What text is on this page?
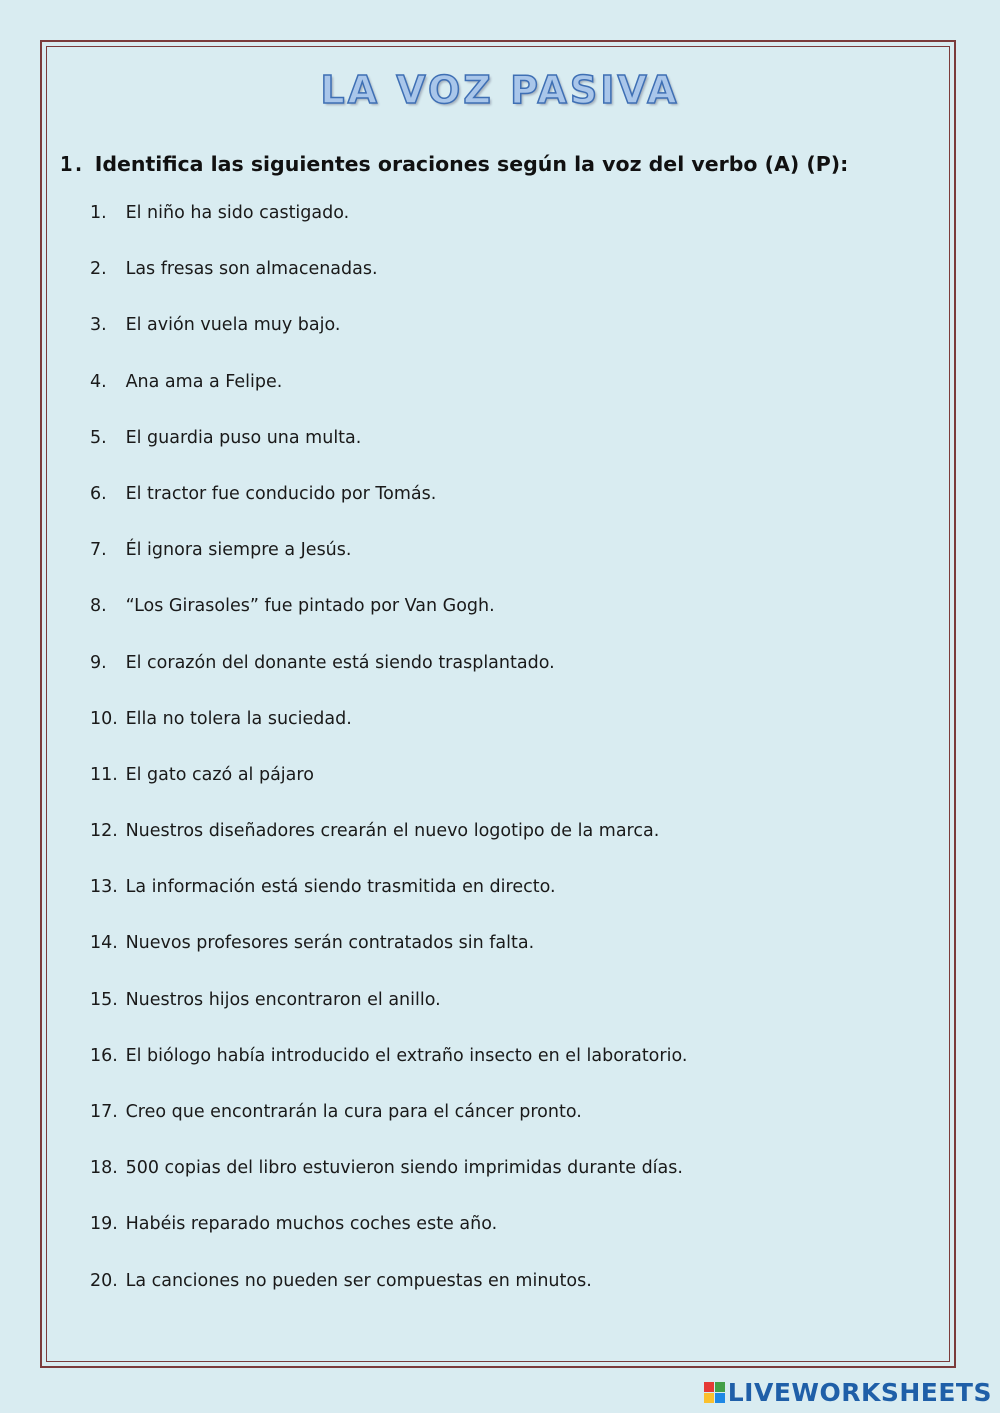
LA VOZ PASIVA
1. Identifica las siguientes oraciones según la voz del verbo (A) (P):
1. El niño ha sido castigado.
2. Las fresas son almacenadas.
3. El avión vuela muy bajo.
4. Ana ama a Felipe.
5. El guardia puso una multa.
6. El tractor fue conducido por Tomás.
7. Él ignora siempre a Jesús.
8. “Los Girasoles” fue pintado por Van Gogh.
9. El corazón del donante está siendo trasplantado.
10. Ella no tolera la suciedad.
11. El gato cazó al pájaro
12. Nuestros diseñadores crearán el nuevo logotipo de la marca.
13. La información está siendo trasmitida en directo.
14. Nuevos profesores serán contratados sin falta.
15. Nuestros hijos encontraron el anillo.
16. El biólogo había introducido el extraño insecto en el laboratorio.
17. Creo que encontrarán la cura para el cáncer pronto.
18. 500 copias del libro estuvieron siendo imprimidas durante días.
19. Habéis reparado muchos coches este año.
20. La canciones no pueden ser compuestas en minutos.
LIVEWORKSHEETS
